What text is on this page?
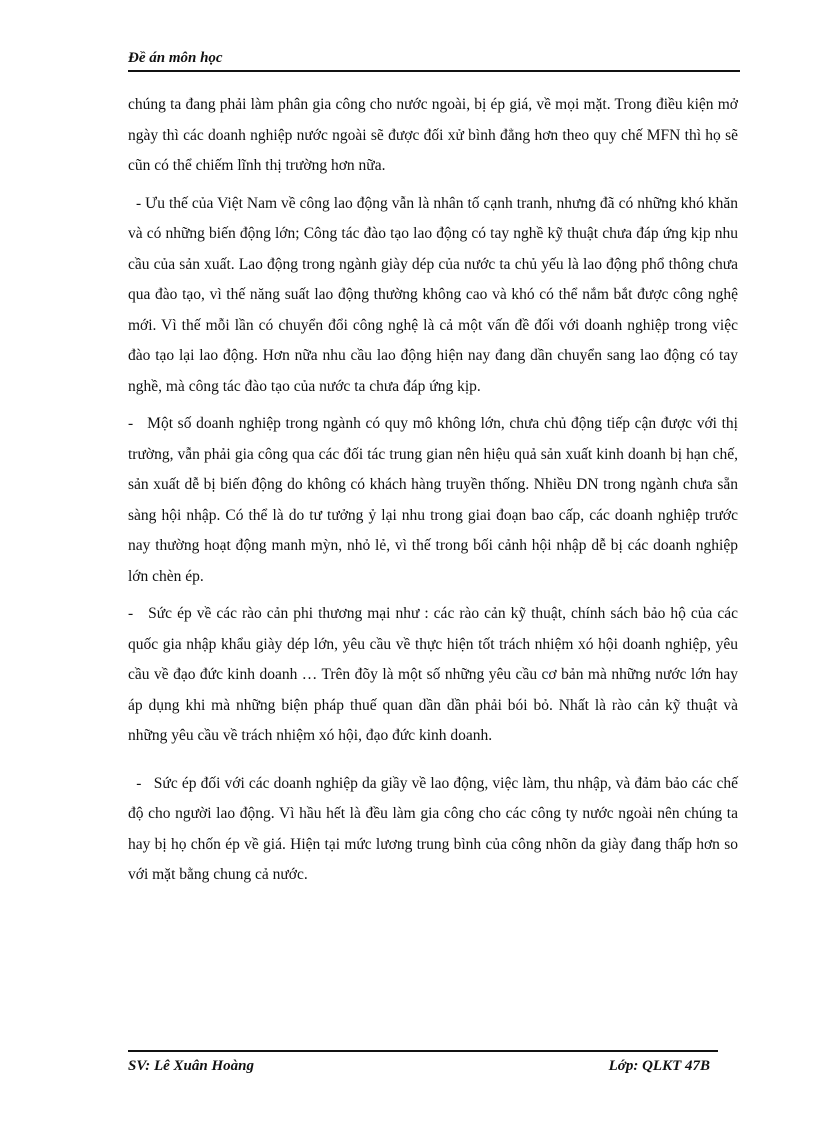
Đề án môn học

chúng ta đang phải làm phân gia công cho nước ngoài, bị ép giá, về mọi mặt. Trong điều kiện mở ngày thì các doanh nghiệp nước ngoài sẽ được đối xử bình đẳng hơn theo quy chế MFN thì họ sẽ cũn có thể chiếm lĩnh thị trường hơn nữa.

- Ưu thế của Việt Nam về công lao động vẫn là nhân tố cạnh tranh, nhưng đã có những khó khăn và có những biến động lớn; Công tác đào tạo lao động có tay nghề kỹ thuật chưa đáp ứng kịp nhu cầu của sản xuất. Lao động trong ngành giày dép của nước ta chủ yếu là lao động phổ thông chưa qua đào tạo, vì thế năng suất lao động thường không cao và khó có thể nắm bắt được công nghệ mới. Vì thế mỗi lần có chuyển đổi công nghệ là cả một vấn đề đối với doanh nghiệp trong việc đào tạo lại lao động. Hơn nữa nhu cầu lao động hiện nay đang dần chuyển sang lao động có tay nghề, mà công tác đào tạo của nước ta chưa đáp ứng kịp.

-   Một số doanh nghiệp trong ngành có quy mô không lớn, chưa chủ động tiếp cận được với thị trường, vẫn phải gia công qua các đối tác trung gian nên hiệu quả sản xuất kinh doanh bị hạn chế, sản xuất dễ bị biến động do không có khách hàng truyền thống. Nhiều DN trong ngành chưa sẵn sàng hội nhập. Có thể là do tư tưởng ỷ lại nhu trong giai đoạn bao cấp, các doanh nghiệp trước nay thường hoạt động manh mỳn, nhỏ lẻ, vì thế trong bối cảnh hội nhập dễ bị các doanh nghiệp lớn chèn ép.

-   Sức ép về các rào cản phi thương mại như : các rào cản kỹ thuật, chính sách bảo hộ của các quốc gia nhập khẩu giày dép lớn, yêu cầu về thực hiện tốt trách nhiệm xó hội doanh nghiệp, yêu cầu về đạo đức kinh doanh … Trên đõy là một số những yêu cầu cơ bản mà những nước lớn hay áp dụng khi mà những biện pháp thuế quan dần dần phải bói bỏ. Nhất là rào cản kỹ thuật và những yêu cầu về trách nhiệm xó hội, đạo đức kinh doanh.

-   Sức ép đối với các doanh nghiệp da giầy về lao động, việc làm, thu nhập, và đảm bảo các chế độ cho người lao động. Vì hầu hết là đều làm gia công cho các công ty nước ngoài nên chúng ta hay bị họ chốn ép về giá. Hiện tại mức lương trung bình của công nhõn da giày đang thấp hơn so với mặt bằng chung cả nước.

SV: Lê Xuân Hoàng	Lớp: QLKT 47B
